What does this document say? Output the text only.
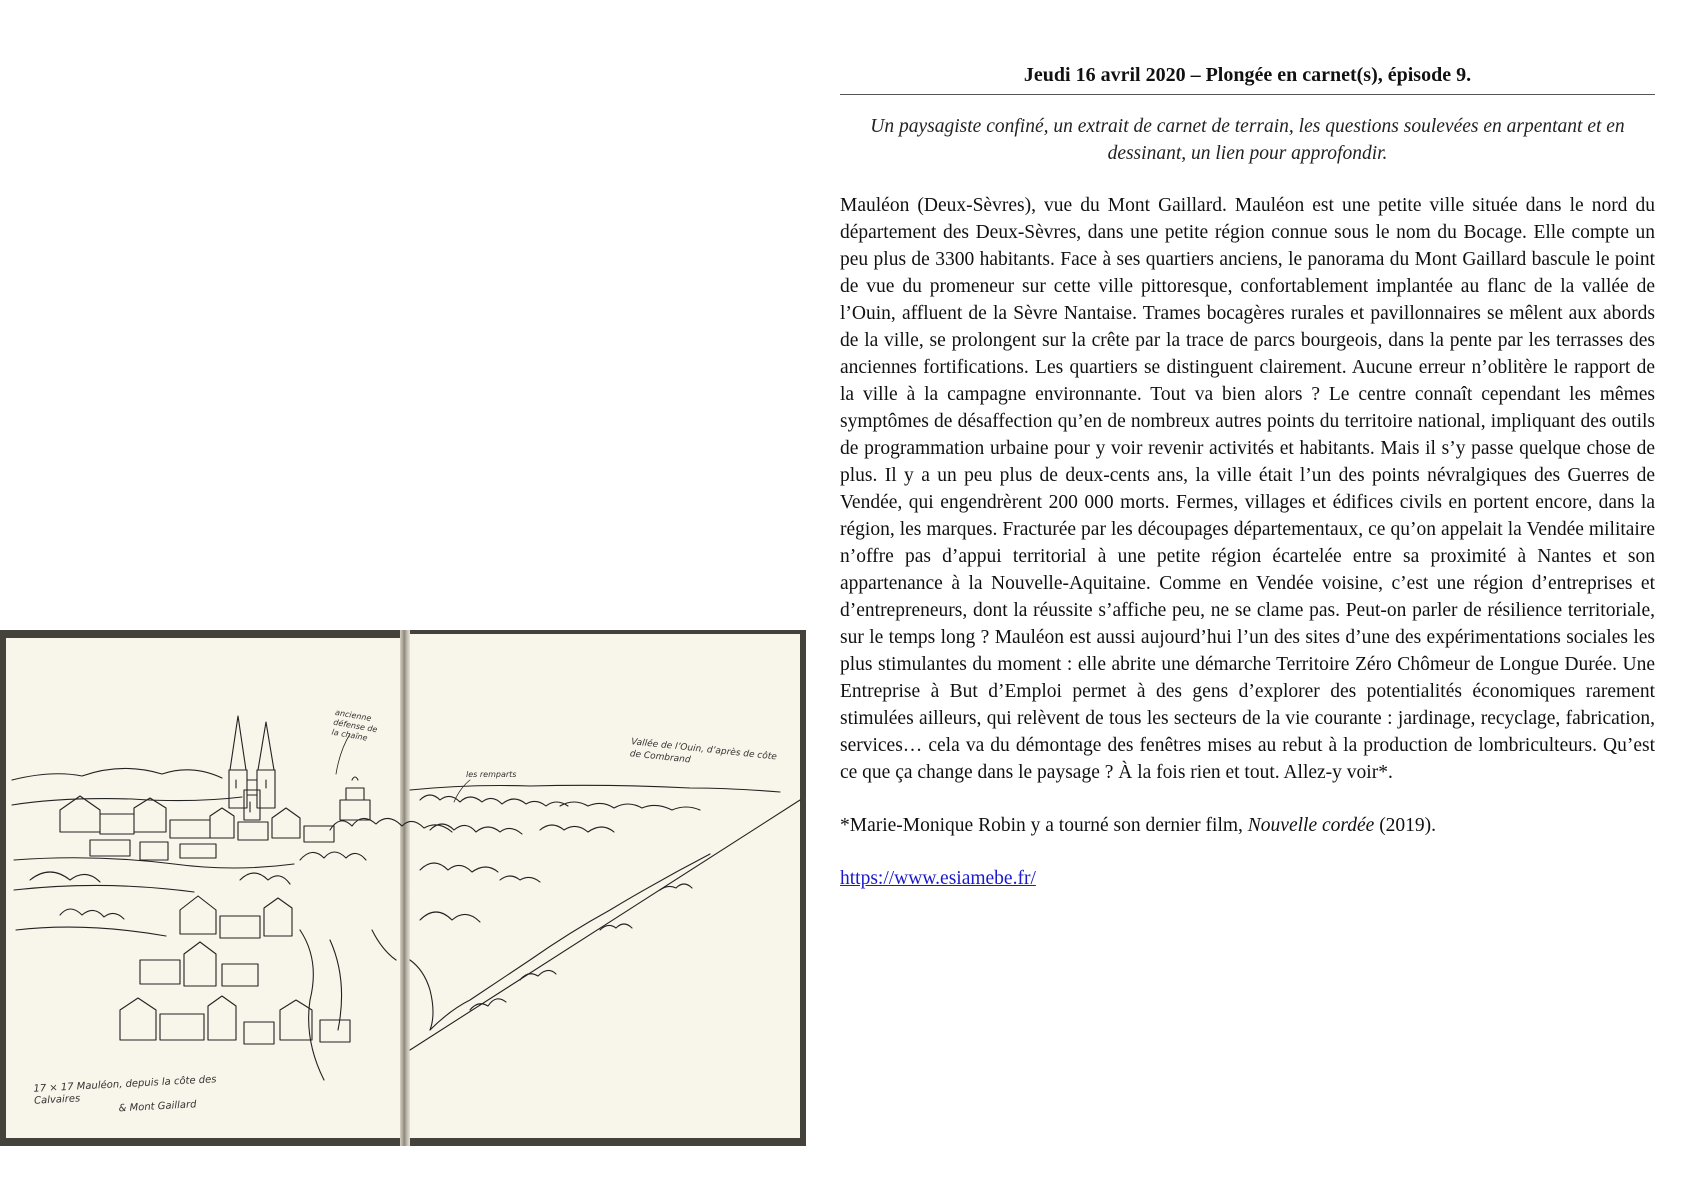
ancienne défense de la chaîne
les remparts
Vallée de l’Ouin, d’après de côte de Combrand
17 × 17 Mauléon, depuis la côte des Calvaires	& Mont Gaillard
Jeudi 16 avril 2020 – Plongée en carnet(s), épisode 9.
Un paysagiste confiné, un extrait de carnet de terrain, les questions soulevées en arpentant et en dessinant, un lien pour approfondir.
Mauléon (Deux-Sèvres), vue du Mont Gaillard. Mauléon est une petite ville située dans le nord du département des Deux-Sèvres, dans une petite région connue sous le nom du Bocage. Elle compte un peu plus de 3300 habitants. Face à ses quartiers anciens, le panorama du Mont Gaillard bascule le point de vue du promeneur sur cette ville pittoresque, confortablement implantée au flanc de la vallée de l’Ouin, affluent de la Sèvre Nantaise. Trames bocagères rurales et pavillonnaires se mêlent aux abords de la ville, se prolongent sur la crête par la trace de parcs bourgeois, dans la pente par les terrasses des anciennes fortifications. Les quartiers se distinguent clairement. Aucune erreur n’oblitère le rapport de la ville à la campagne environnante. Tout va bien alors ? Le centre connaît cependant les mêmes symptômes de désaffection qu’en de nombreux autres points du territoire national, impliquant des outils de programmation urbaine pour y voir revenir activités et habitants. Mais il s’y passe quelque chose de plus. Il y a un peu plus de deux-cents ans, la ville était l’un des points névralgiques des Guerres de Vendée, qui engendrèrent 200 000 morts. Fermes, villages et édifices civils en portent encore, dans la région, les marques. Fracturée par les découpages départementaux, ce qu’on appelait la Vendée militaire n’offre pas d’appui territorial à une petite région écartelée entre sa proximité à Nantes et son appartenance à la Nouvelle-Aquitaine. Comme en Vendée voisine, c’est une région d’entreprises et d’entrepreneurs, dont la réussite s’affiche peu, ne se clame pas. Peut-on parler de résilience territoriale, sur le temps long ? Mauléon est aussi aujourd’hui l’un des sites d’une des expérimentations sociales les plus stimulantes du moment : elle abrite une démarche Territoire Zéro Chômeur de Longue Durée. Une Entreprise à But d’Emploi permet à des gens d’explorer des potentialités économiques rarement stimulées ailleurs, qui relèvent de tous les secteurs de la vie courante : jardinage, recyclage, fabrication, services… cela va du démontage des fenêtres mises au rebut à la production de lombriculteurs. Qu’est ce que ça change dans le paysage ? À la fois rien et tout. Allez-y voir*.
*Marie-Monique Robin y a tourné son dernier film, Nouvelle cordée (2019).
https://www.esiamebe.fr/
